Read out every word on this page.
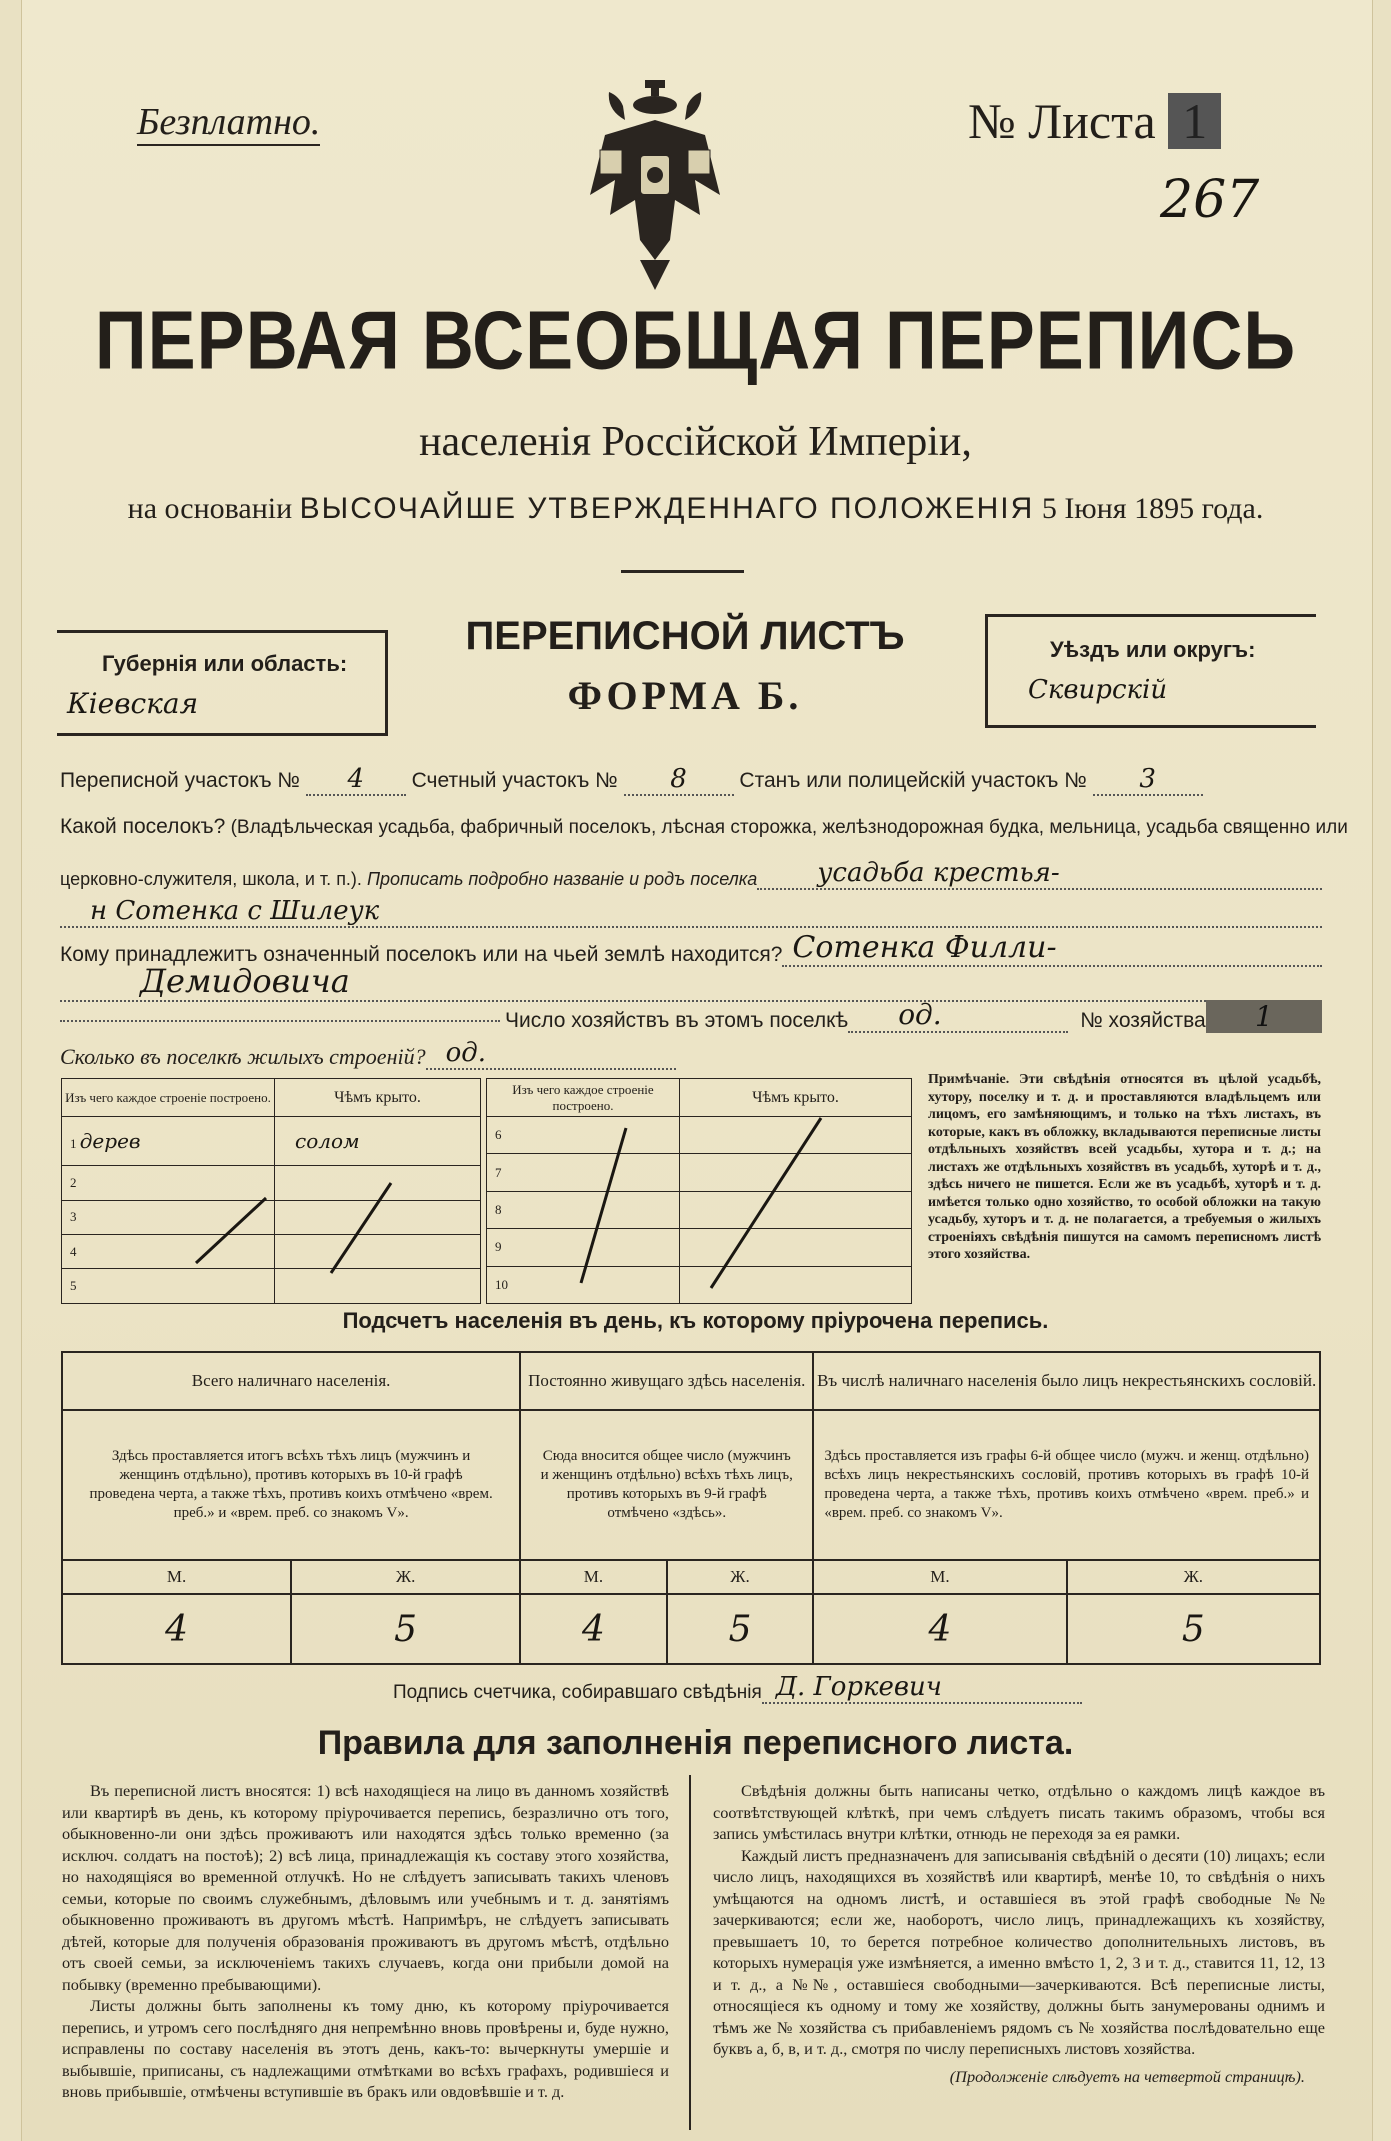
Безплатно.	№ Листа 1
267
ПЕРВАЯ ВСЕОБЩАЯ ПЕРЕПИСЬ
населенія Россійской Имперіи,
на основаніи ВЫСОЧАЙШЕ УТВЕРЖДЕННАГО ПОЛОЖЕНІЯ 5 Іюня 1895 года.
Губернія или область:
Кіевская
ПЕРЕПИСНОЙ ЛИСТЪ
ФОРМА Б.
Уѣздъ или округъ:
Сквирскій
Переписной участокъ № 4 Счетный участокъ № 8	Станъ или полицейскій участокъ № 3
Какой поселокъ? (Владѣльческая усадьба, фабричный поселокъ, лѣсная сторожка, желѣзнодорожная будка, мельница, усадьба священно или
церковно-служителя, школа, и т. п.).
Прописать подробно названіе и родъ поселка	усадьба крестья-
н Сотенка с Шилеук
Кому принадлежитъ означенный поселокъ или на чьей землѣ находится? Сотенка Филли-
Демидовича
Число хозяйствъ въ этомъ поселкѣ	од.	№ хозяйства	1
Сколько въ поселкѣ жилыхъ строеній? од.
Изъ чего каждое строеніе построено.	Чѣмъ крыто.
1 дерев	солом
2	
3	
4	
5	
Изъ чего каждое строеніе построено.	Чѣмъ крыто.
6	
7	
8	
9	
10	
Примѣчаніе. Эти свѣдѣнія относятся въ цѣлой усадьбѣ, хутору, поселку и т. д. и проставляются владѣльцемъ или лицомъ, его замѣняющимъ, и только на тѣхъ листахъ, въ которые, какъ въ обложку, вкладываются переписные листы отдѣльныхъ хозяйствъ всей усадьбы, хутора и т. д.; на листахъ же отдѣльныхъ хозяйствъ въ усадьбѣ, хуторѣ и т. д., здѣсь ничего не пишется. Если же въ усадьбѣ, хуторѣ и т. д. имѣется только одно хозяйство, то особой обложки на такую усадьбу, хуторъ и т. д. не полагается, а требуемыя о жилыхъ строеніяхъ свѣдѣнія пишутся на самомъ переписномъ листѣ этого хозяйства.
Подсчетъ населенія въ день, къ которому пріурочена перепись.
Всего наличнаго населенія.		Постоянно живущаго здѣсь населенія.		Въ числѣ наличнаго населенія было лицъ некрестьянскихъ сословій.	
Здѣсь проставляется итогъ всѣхъ тѣхъ лицъ (мужчинъ и женщинъ отдѣльно), противъ которыхъ въ 10-й графѣ проведена черта, а также тѣхъ, противъ коихъ отмѣчено «врем. преб.» и «врем. преб. со знакомъ V».		Сюда вносится общее число (мужчинъ и женщинъ отдѣльно) всѣхъ тѣхъ лицъ, противъ которыхъ въ 9-й графѣ отмѣчено «здѣсь».		Здѣсь проставляется изъ графы 6-й общее число (мужч. и женщ. отдѣльно) всѣхъ лицъ некрестьянскихъ сословій, противъ которыхъ въ графѣ 10-й проведена черта, а также тѣхъ, противъ коихъ отмѣчено «врем. преб.» и «врем. преб. со знакомъ V».	
М.	Ж.	М.	Ж.	М.	Ж.
4	5	4	5	4	5
Подпись счетчика, собиравшаго свѣдѣнія Д. Горкевич
Правила для заполненія переписного листа.

Въ переписной листъ вносятся: 1) всѣ находящіеся на лицо въ данномъ хозяйствѣ или квартирѣ въ день, къ которому пріурочивается перепись, безразлично отъ того, обыкновенно-ли они здѣсь проживаютъ или находятся здѣсь только временно (за исключ. солдатъ на постоѣ); 2) всѣ лица, принадлежащія къ составу этого хозяйства, но находящіяся во временной отлучкѣ. Но не слѣдуетъ записывать такихъ членовъ семьи, которые по своимъ служебнымъ, дѣловымъ или учебнымъ и т. д. занятіямъ обыкновенно проживаютъ въ другомъ мѣстѣ. Напримѣръ, не слѣдуетъ записывать дѣтей, которые для полученія образованія проживаютъ въ другомъ мѣстѣ, отдѣльно отъ своей семьи, за исключеніемъ такихъ случаевъ, когда они прибыли домой на побывку (временно пребывающими).

Листы должны быть заполнены къ тому дню, къ которому пріурочивается перепись, и утромъ сего послѣдняго дня непремѣнно вновь провѣрены и, буде нужно, исправлены по составу населенія въ этотъ день, какъ-то: вычеркнуты умершіе и выбывшіе, приписаны, съ надлежащими отмѣтками во всѣхъ графахъ, родившіеся и вновь прибывшіе, отмѣчены вступившіе въ бракъ или овдовѣвшіе и т. д.

Свѣдѣнія должны быть написаны четко, отдѣльно о каждомъ лицѣ каждое въ соотвѣтствующей клѣткѣ, при чемъ слѣдуетъ писать такимъ образомъ, чтобы вся запись умѣстилась внутри клѣтки, отнюдь не переходя за ея рамки.

Каждый листъ предназначенъ для записыванія свѣдѣній о десяти (10) лицахъ; если число лицъ, находящихся въ хозяйствѣ или квартирѣ, менѣе 10, то свѣдѣнія о нихъ умѣщаются на одномъ листѣ, и оставшіеся въ этой графѣ свободные №№ зачеркиваются; если же, наоборотъ, число лицъ, принадлежащихъ къ хозяйству, превышаетъ 10, то берется потребное количество дополнительныхъ листовъ, въ которыхъ нумерація уже измѣняется, а именно вмѣсто 1, 2, 3 и т. д., ставится 11, 12, 13 и т. д., а №№, оставшіеся свободными—зачеркиваются. Всѣ переписные листы, относящіеся къ одному и тому же хозяйству, должны быть занумерованы однимъ и тѣмъ же № хозяйства съ прибавленіемъ рядомъ съ № хозяйства послѣдовательно еще буквъ а, б, в, и т. д., смотря по числу переписныхъ листовъ хозяйства.

(Продолженіе слѣдуетъ на четвертой страницѣ).
